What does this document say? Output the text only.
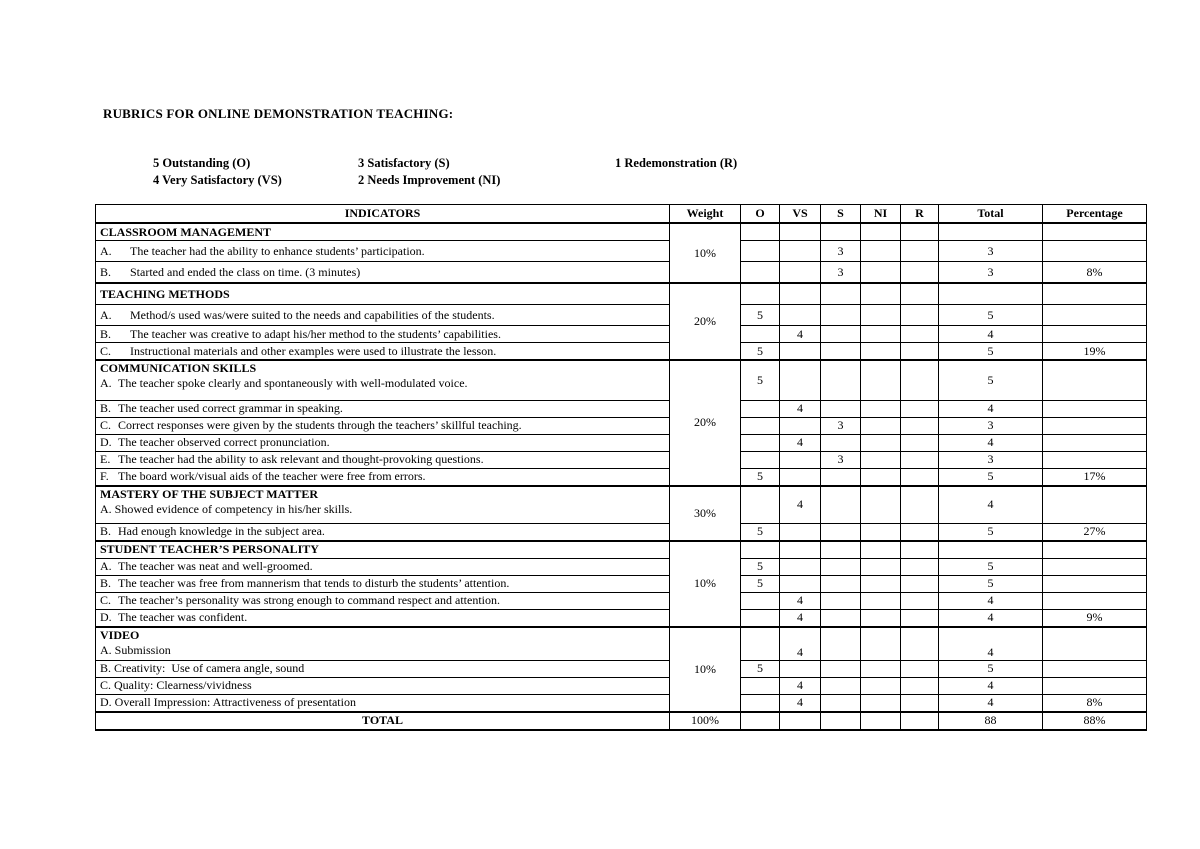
RUBRICS FOR ONLINE DEMONSTRATION TEACHING:
5 Outstanding (O)
4 Very Satisfactory (VS)
3 Satisfactory (S)
2 Needs Improvement (NI)
1 Redemonstration (R)
INDICATORS	Weight	O	VS	S	NI	R	Total	Percentage
CLASSROOM MANAGEMENT	10%							
A. The teacher had the ability to enhance students’ participation.				3			3	
B. Started and ended the class on time. (3 minutes)				3			3	8%
TEACHING METHODS	20%							
A. Method/s used was/were suited to the needs and capabilities of the students.		5					5	
B. The teacher was creative to adapt his/her method to the students’ capabilities.			4				4	
C. Instructional materials and other examples were used to illustrate the lesson.		5					5	19%

COMMUNICATION SKILLS
A. The teacher spoke clearly and spontaneously with well-modulated voice.	20%	5					5	
B. The teacher used correct grammar in speaking.			4				4	
C. Correct responses were given by the students through the teachers’ skillful teaching.				3			3	
D. The teacher observed correct pronunciation.			4				4	
E. The teacher had the ability to ask relevant and thought-provoking questions.				3			3	
F. The board work/visual aids of the teacher were free from errors.		5					5	17%

MASTERY OF THE SUBJECT MATTER
A. Showed evidence of competency in his/her skills.	30%		4				4	
B. Had enough knowledge in the subject area.		5					5	27%
STUDENT TEACHER’S PERSONALITY	10%							
A. The teacher was neat and well-groomed.		5					5	
B. The teacher was free from mannerism that tends to disturb the students’ attention.		5					5	
C. The teacher’s personality was strong enough to command respect and attention.			4				4	
D. The teacher was confident.			4				4	9%

VIDEO
A. Submission	10%		4				4	
B. Creativity:  Use of camera angle, sound		5					5	
C. Quality: Clearness/vividness			4				4	
D. Overall Impression: Attractiveness of presentation			4				4	8%
TOTAL	100%						88	88%
